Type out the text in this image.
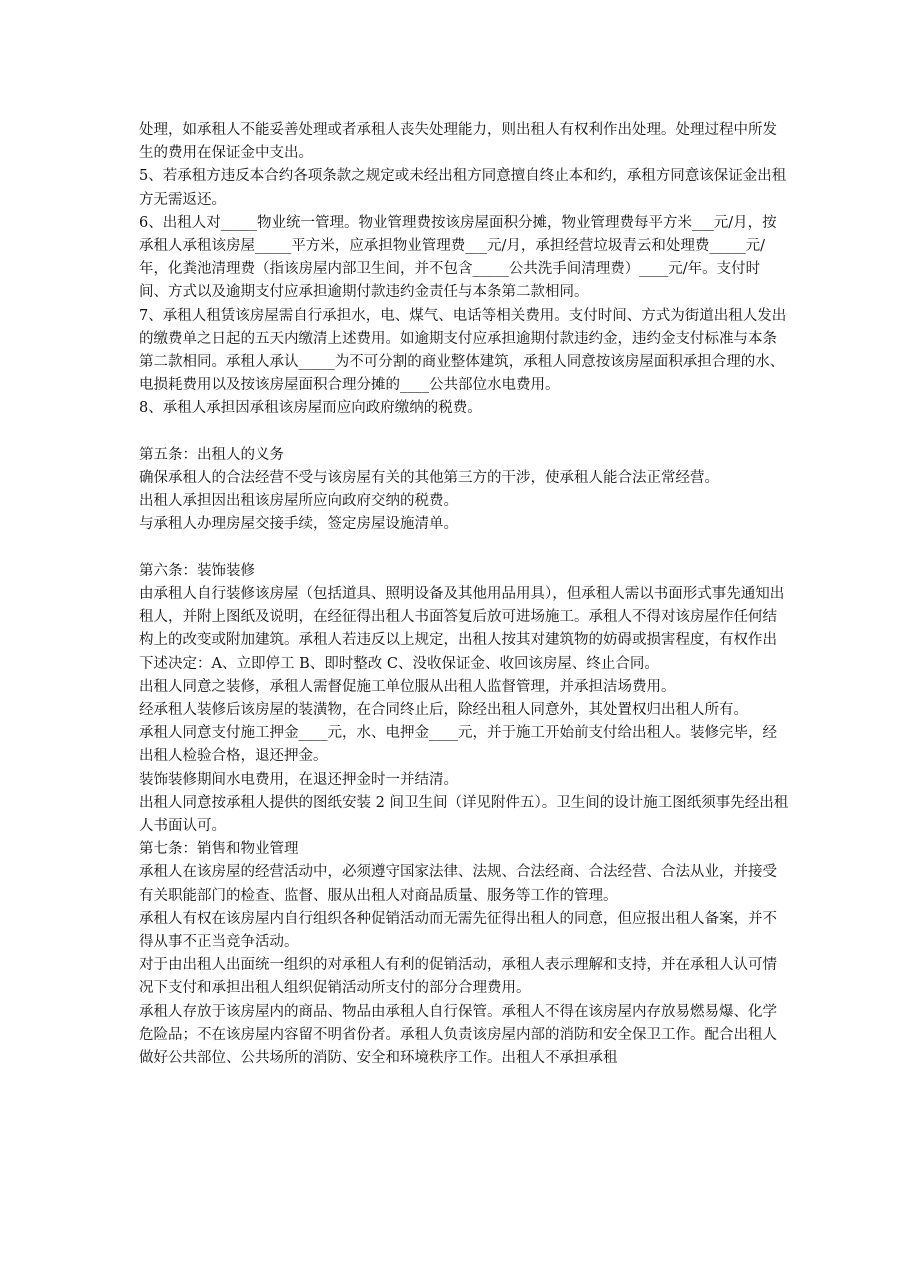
处理，如承租人不能妥善处理或者承租人丧失处理能力，则出租人有权利作出处理。处理过程中所发生的费用在保证金中支出。

5、若承租方违反本合约各项条款之规定或未经出租方同意擅自终止本和约，承租方同意该保证金出租方无需返还。

6、出租人对_____物业统一管理。物业管理费按该房屋面积分摊，物业管理费每平方米___元/月，按承租人承租该房屋_____平方米，应承担物业管理费___元/月，承担经营垃圾青云和处理费_____元/年，化粪池清理费（指该房屋内部卫生间，并不包含_____公共洗手间清理费）____元/年。支付时间、方式以及逾期支付应承担逾期付款违约金责任与本条第二款相同。

7、承租人租赁该房屋需自行承担水，电、煤气、电话等相关费用。支付时间、方式为街道出租人发出的缴费单之日起的五天内缴清上述费用。如逾期支付应承担逾期付款违约金，违约金支付标准与本条第二款相同。承租人承认_____为不可分割的商业整体建筑，承租人同意按该房屋面积承担合理的水、电损耗费用以及按该房屋面积合理分摊的____公共部位水电费用。

8、承租人承担因承租该房屋而应向政府缴纳的税费。

第五条：出租人的义务

确保承租人的合法经营不受与该房屋有关的其他第三方的干涉，使承租人能合法正常经营。

出租人承担因出租该房屋所应向政府交纳的税费。

与承租人办理房屋交接手续，签定房屋设施清单。

第六条：装饰装修

由承租人自行装修该房屋（包括道具、照明设备及其他用品用具），但承租人需以书面形式事先通知出租人，并附上图纸及说明，在经征得出租人书面答复后放可进场施工。承租人不得对该房屋作任何结构上的改变或附加建筑。承租人若违反以上规定，出租人按其对建筑物的妨碍或损害程度，有权作出下述决定：A、立即停工 B、即时整改 C、没收保证金、收回该房屋、终止合同。

出租人同意之装修，承租人需督促施工单位服从出租人监督管理，并承担洁场费用。

经承租人装修后该房屋的装潢物，在合同终止后，除经出租人同意外，其处置权归出租人所有。

承租人同意支付施工押金____元，水、电押金____元，并于施工开始前支付给出租人。装修完毕，经出租人检验合格，退还押金。

装饰装修期间水电费用，在退还押金时一并结清。

出租人同意按承租人提供的图纸安装 2 间卫生间（详见附件五）。卫生间的设计施工图纸须事先经出租人书面认可。

第七条：销售和物业管理

承租人在该房屋的经营活动中，必须遵守国家法律、法规、合法经商、合法经营、合法从业，并接受有关职能部门的检查、监督、服从出租人对商品质量、服务等工作的管理。

承租人有权在该房屋内自行组织各种促销活动而无需先征得出租人的同意，但应报出租人备案，并不得从事不正当竞争活动。

对于由出租人出面统一组织的对承租人有利的促销活动，承租人表示理解和支持，并在承租人认可情况下支付和承担出租人组织促销活动所支付的部分合理费用。

承租人存放于该房屋内的商品、物品由承租人自行保管。承租人不得在该房屋内存放易燃易爆、化学危险品；不在该房屋内容留不明省份者。承租人负责该房屋内部的消防和安全保卫工作。配合出租人做好公共部位、公共场所的消防、安全和环境秩序工作。出租人不承担承租
